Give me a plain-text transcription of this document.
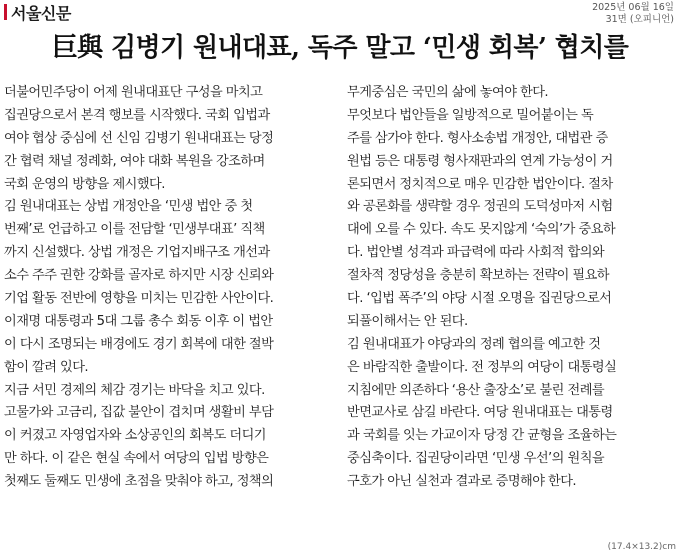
서울신문	2025년 06월 16일
31면 (오피니언)
巨與 김병기 원내대표, 독주 말고 ‘민생 회복’ 협치를
더불어민주당이 어제 원내대표단 구성을 마치고
집권당으로서 본격 행보를 시작했다. 국회 입법과
여야 협상 중심에 선 신임 김병기 원내대표는 당정
간 협력 채널 정례화, 여야 대화 복원을 강조하며
국회 운영의 방향을 제시했다.
김 원내대표는 상법 개정안을 ‘민생 법안 중 첫
번째’로 언급하고 이를 전담할 ‘민생부대표’ 직책
까지 신설했다. 상법 개정은 기업지배구조 개선과
소수 주주 권한 강화를 골자로 하지만 시장 신뢰와
기업 활동 전반에 영향을 미치는 민감한 사안이다.
이재명 대통령과 5대 그룹 총수 회동 이후 이 법안
이 다시 조명되는 배경에도 경기 회복에 대한 절박
함이 깔려 있다.
지금 서민 경제의 체감 경기는 바닥을 치고 있다.
고물가와 고금리, 집값 불안이 겹치며 생활비 부담
이 커졌고 자영업자와 소상공인의 회복도 더디기
만 하다. 이 같은 현실 속에서 여당의 입법 방향은
첫째도 둘째도 민생에 초점을 맞춰야 하고, 정책의
무게중심은 국민의 삶에 놓여야 한다.
무엇보다 법안들을 일방적으로 밀어붙이는 독
주를 삼가야 한다. 형사소송법 개정안, 대법관 증
원법 등은 대통령 형사재판과의 연계 가능성이 거
론되면서 정치적으로 매우 민감한 법안이다. 절차
와 공론화를 생략할 경우 정권의 도덕성마저 시험
대에 오를 수 있다. 속도 못지않게 ‘숙의’가 중요하
다. 법안별 성격과 파급력에 따라 사회적 합의와
절차적 정당성을 충분히 확보하는 전략이 필요하
다. ‘입법 폭주’의 야당 시절 오명을 집권당으로서
되풀이해서는 안 된다.
김 원내대표가 야당과의 정례 협의를 예고한 것
은 바람직한 출발이다. 전 정부의 여당이 대통령실
지침에만 의존하다 ‘용산 출장소’로 불린 전례를
반면교사로 삼길 바란다. 여당 원내대표는 대통령
과 국회를 잇는 가교이자 당정 간 균형을 조율하는
중심축이다. 집권당이라면 ‘민생 우선’의 원칙을
구호가 아닌 실천과 결과로 증명해야 한다.
(17.4×13.2)cm
